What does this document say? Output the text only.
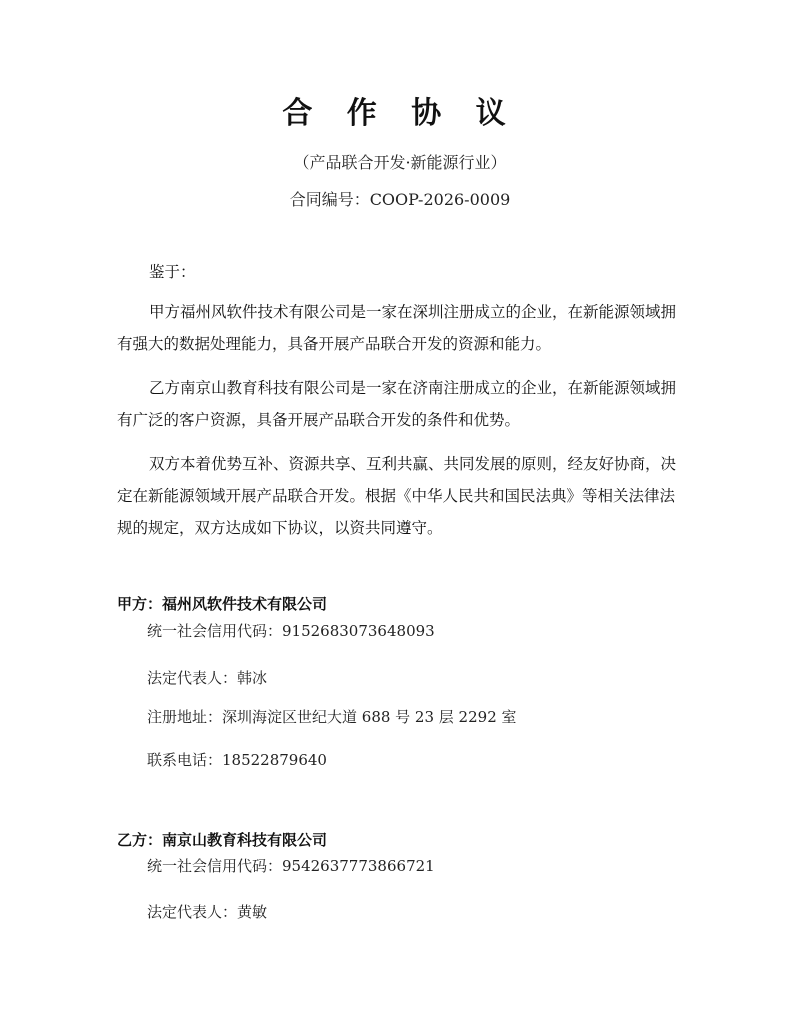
合 作 协 议
（产品联合开发·新能源行业）
合同编号：COOP-2026-0009

鉴于：

甲方福州风软件技术有限公司是一家在深圳注册成立的企业，在新能源领域拥有强大的数据处理能力，具备开展产品联合开发的资源和能力。

乙方南京山教育科技有限公司是一家在济南注册成立的企业，在新能源领域拥有广泛的客户资源，具备开展产品联合开发的条件和优势。

双方本着优势互补、资源共享、互利共赢、共同发展的原则，经友好协商，决定在新能源领域开展产品联合开发。根据《中华人民共和国民法典》等相关法律法规的规定，双方达成如下协议，以资共同遵守。

甲方：福州风软件技术有限公司
统一社会信用代码：9152683073648093
法定代表人：韩冰
注册地址：深圳海淀区世纪大道 688 号 23 层 2292 室
联系电话：18522879640
乙方：南京山教育科技有限公司
统一社会信用代码：9542637773866721
法定代表人：黄敏
